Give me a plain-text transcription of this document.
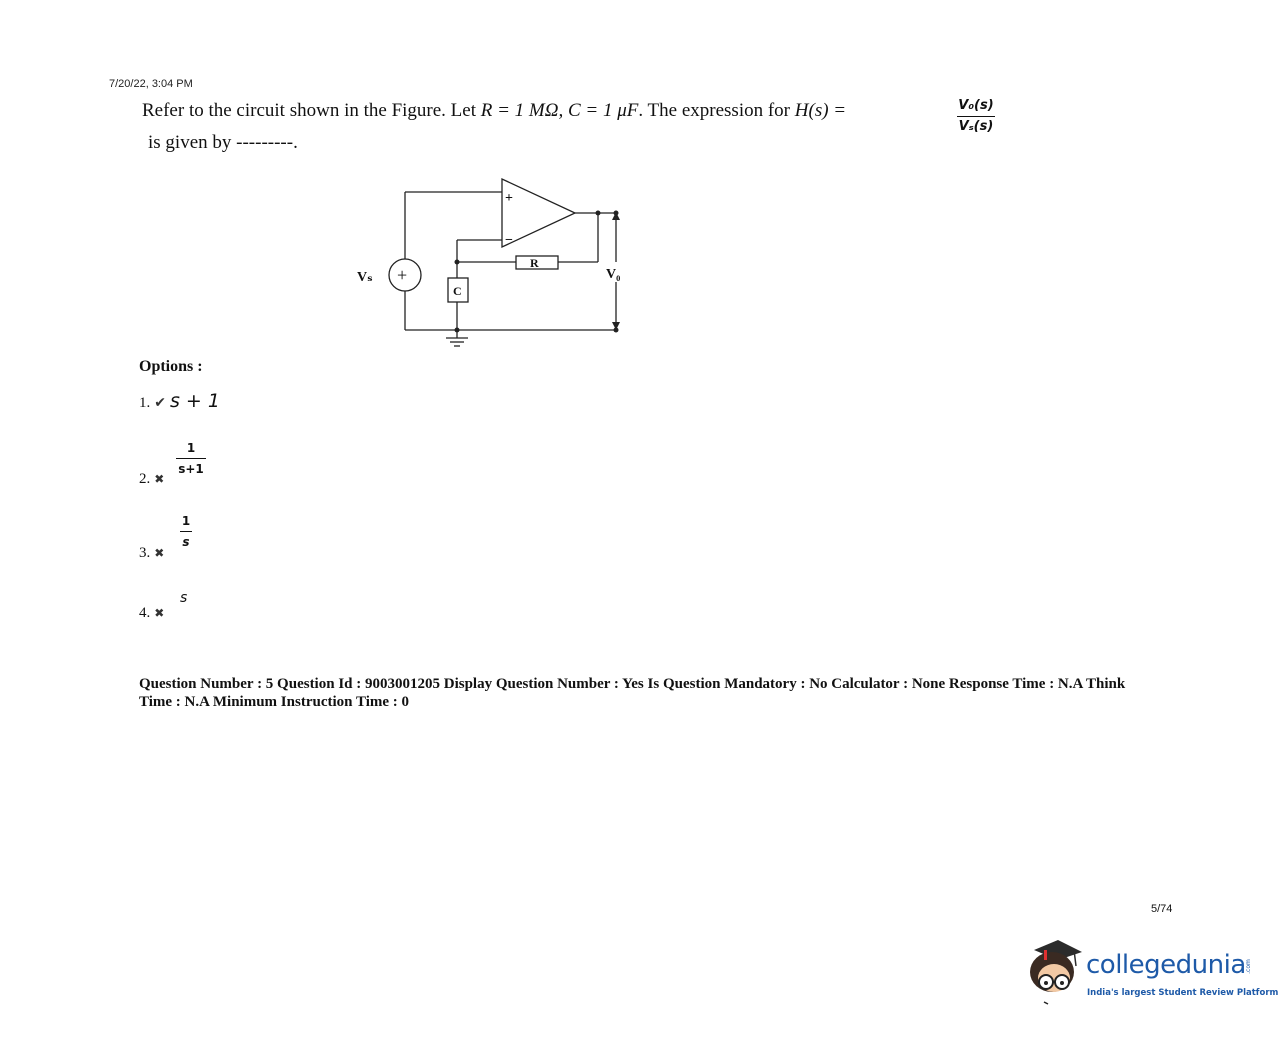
7/20/22, 3:04 PM
Refer to the circuit shown in the Figure. Let R = 1 MΩ, C = 1 μF. The expression for H(s) =	V₀(s)
Vₛ(s)
is given by ---------.
+
−
+
Vₛ	V₀
R
C
Options :
1. ✔ s + 1
2. ✖
1
s+1
3. ✖
1
s
4. ✖
s
Question Number : 5 Question Id : 9003001205 Display Question Number : Yes Is Question Mandatory : No Calculator : None Response Time : N.A Think Time : N.A Minimum Instruction Time : 0
5/74
collegedunia .com
India's largest Student Review Platform
